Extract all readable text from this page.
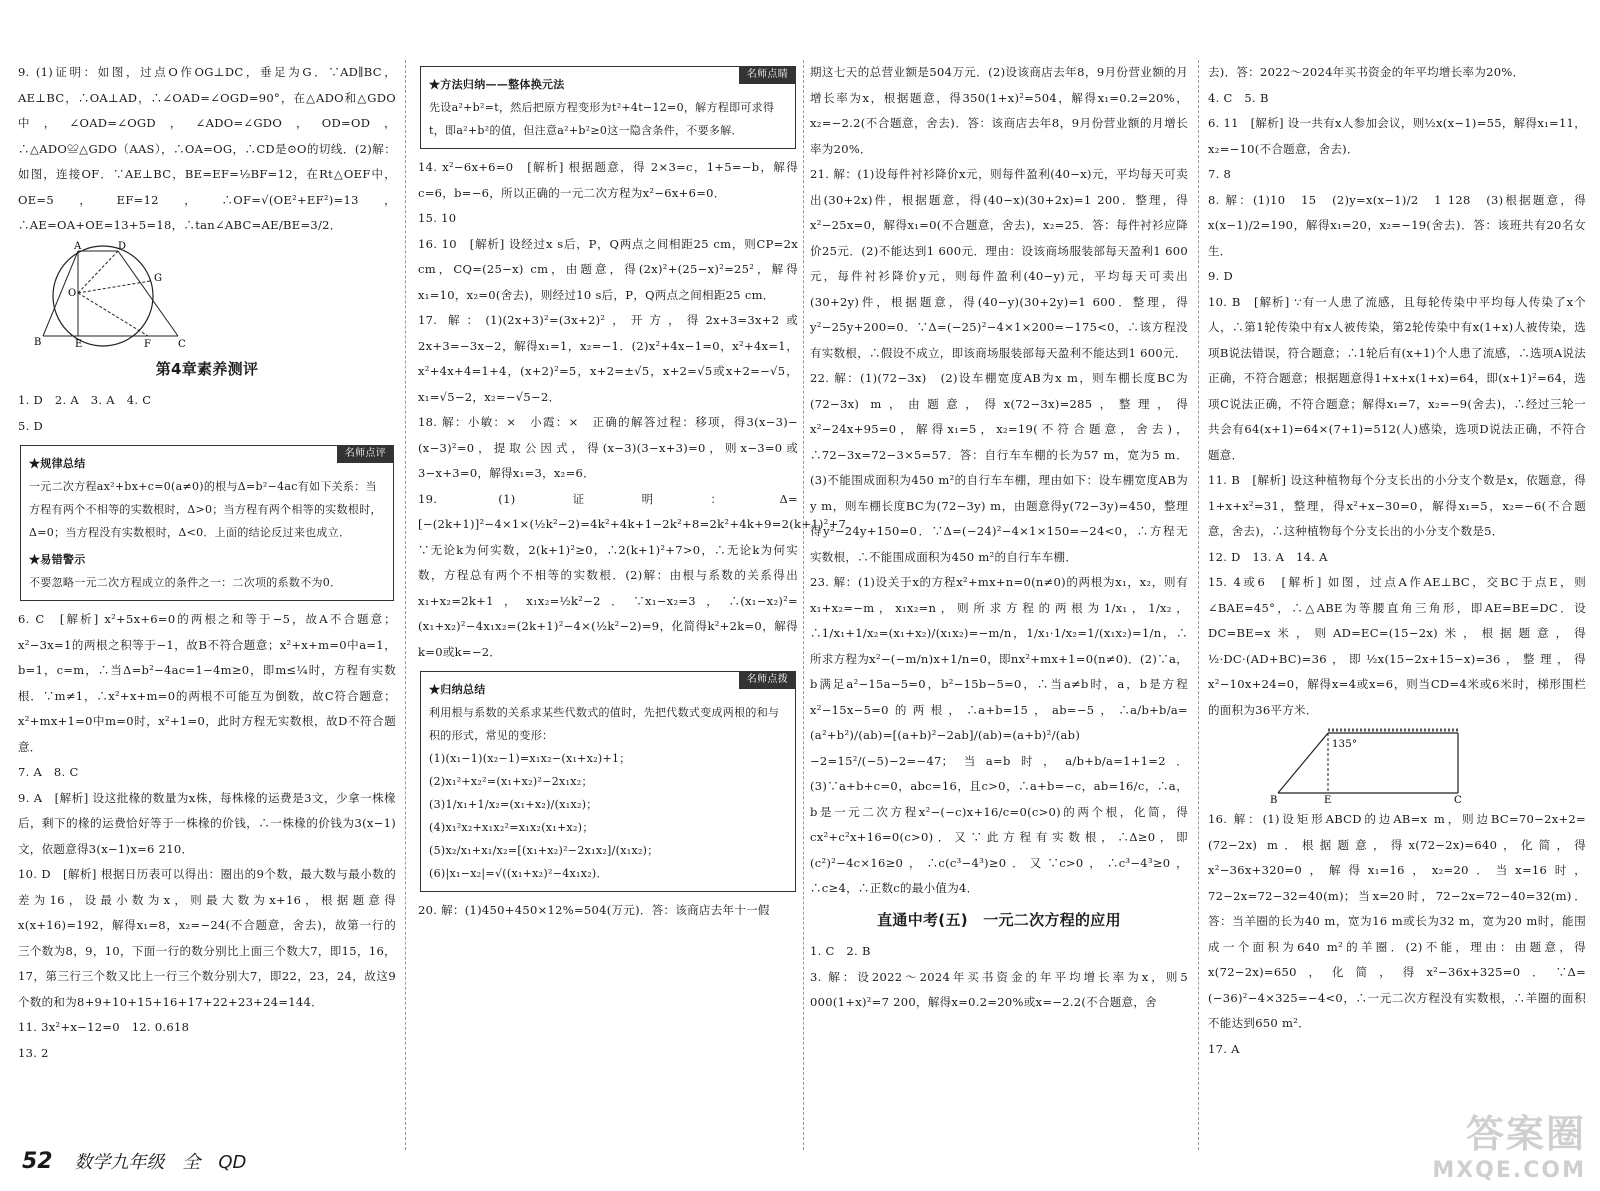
9. (1)证明：如图，过点O作OG⊥DC，垂足为G．∵AD∥BC，AE⊥BC，∴OA⊥AD，∴∠OAD=∠OGD=90°，在△ADO和△GDO中，∠OAD=∠OGD，∠ADO=∠GDO，OD=OD，∴△ADO≌△GDO（AAS），∴OA=OG，∴CD是⊙O的切线．(2)解：如图，连接OF．∵AE⊥BC，BE=EF=½BF=12，在Rt△OEF中，OE=5，EF=12，∴OF=√(OE²+EF²)=13，∴AE=OA+OE=13+5=18，∴tan∠ABC=AE/BE=3/2．

A	D
G
O
B	E	F	C
第4章素养测评

1. D　2. A　3. A　4. C

5. D

名师点评
★规律总结
一元二次方程ax²+bx+c=0(a≠0)的根与Δ=b²−4ac有如下关系：当方程有两个不相等的实数根时，Δ>0；当方程有两个相等的实数根时，Δ=0；当方程没有实数根时，Δ<0．上面的结论反过来也成立．
★易错警示
不要忽略一元二次方程成立的条件之一：二次项的系数不为0．

6. C　[解析] x²+5x+6=0的两根之和等于−5，故A不合题意；x²−3x=1的两根之积等于−1，故B不符合题意；x²+x+m=0中a=1，b=1，c=m，∴当Δ=b²−4ac=1−4m≥0，即m≤¼时，方程有实数根．∵m≠1，∴x²+x+m=0的两根不可能互为倒数，故C符合题意；x²+mx+1=0中m=0时，x²+1=0，此时方程无实数根，故D不符合题意．

7. A　8. C

9. A　[解析] 设这批椽的数量为x株，每株椽的运费是3文，少拿一株椽后，剩下的椽的运费恰好等于一株椽的价钱，∴一株椽的价钱为3(x−1)文，依题意得3(x−1)x=6 210．

10. D　[解析] 根据日历表可以得出：圈出的9个数，最大数与最小数的差为16，设最小数为x，则最大数为x+16，根据题意得x(x+16)=192，解得x₁=8，x₂=−24(不合题意，舍去)，故第一行的三个数为8，9，10，下面一行的数分别比上面三个数大7，即15，16，17，第三行三个数又比上一行三个数分别大7，即22，23，24，故这9个数的和为8+9+10+15+16+17+22+23+24=144．

11. 3x²+x−12=0　12. 0.618

13. 2

名师点睛
★方法归纳——整体换元法
先设a²+b²=t，然后把原方程变形为t²+4t−12=0，解方程即可求得t，即a²+b²的值，但注意a²+b²≥0这一隐含条件，不要多解．

14. x²−6x+6=0　[解析] 根据题意，得 2×3=c，1+5=−b，解得 c=6，b=−6，所以正确的一元二次方程为x²−6x+6=0．

15. 10

16. 10　[解析] 设经过x s后，P，Q两点之间相距25 cm，则CP=2x cm，CQ=(25−x) cm，由题意，得(2x)²+(25−x)²=25²，解得x₁=10，x₂=0(舍去)，则经过10 s后，P，Q两点之间相距25 cm．

17. 解：(1)(2x+3)²=(3x+2)²，开方，得2x+3=3x+2或2x+3=−3x−2，解得x₁=1，x₂=−1．(2)x²+4x−1=0，x²+4x=1，x²+4x+4=1+4，(x+2)²=5，x+2=±√5，x+2=√5或x+2=−√5，x₁=√5−2，x₂=−√5−2．

18. 解：小敏：×　小霞：×　正确的解答过程：移项，得3(x−3)−(x−3)²=0，提取公因式，得(x−3)(3−x+3)=0，则x−3=0或3−x+3=0，解得x₁=3，x₂=6．

19. (1)证明：Δ=[−(2k+1)]²−4×1×(½k²−2)=4k²+4k+1−2k²+8=2k²+4k+9=2(k+1)²+7．∵无论k为何实数，2(k+1)²≥0，∴2(k+1)²+7>0，∴无论k为何实数，方程总有两个不相等的实数根．(2)解：由根与系数的关系得出x₁+x₂=2k+1，x₁x₂=½k²−2．∵x₁−x₂=3，∴(x₁−x₂)²=(x₁+x₂)²−4x₁x₂=(2k+1)²−4×(½k²−2)=9，化简得k²+2k=0，解得k=0或k=−2．

名师点拨
★归纳总结
利用根与系数的关系求某些代数式的值时，先把代数式变成两根的和与积的形式，常见的变形：
(1)(x₁−1)(x₂−1)=x₁x₂−(x₁+x₂)+1；
(2)x₁²+x₂²=(x₁+x₂)²−2x₁x₂；
(3)1/x₁+1/x₂=(x₁+x₂)/(x₁x₂)；
(4)x₁²x₂+x₁x₂²=x₁x₂(x₁+x₂)；
(5)x₂/x₁+x₁/x₂=[(x₁+x₂)²−2x₁x₂]/(x₁x₂)；
(6)|x₁−x₂|=√((x₁+x₂)²−4x₁x₂)．

20. 解：(1)450+450×12%=504(万元)．答：该商店去年十一假

期这七天的总营业额是504万元．(2)设该商店去年8，9月份营业额的月增长率为x，根据题意，得350(1+x)²=504，解得x₁=0.2=20%，x₂=−2.2(不合题意，舍去)．答：该商店去年8，9月份营业额的月增长率为20%．

21. 解：(1)设每件衬衫降价x元，则每件盈利(40−x)元，平均每天可卖出(30+2x)件，根据题意，得(40−x)(30+2x)=1 200．整理，得x²−25x=0，解得x₁=0(不合题意，舍去)，x₂=25．答：每件衬衫应降价25元．(2)不能达到1 600元．理由：设该商场服装部每天盈利1 600元，每件衬衫降价y元，则每件盈利(40−y)元，平均每天可卖出(30+2y)件，根据题意，得(40−y)(30+2y)=1 600．整理，得y²−25y+200=0．∵Δ=(−25)²−4×1×200=−175<0，∴该方程没有实数根，∴假设不成立，即该商场服装部每天盈利不能达到1 600元．

22. 解：(1)(72−3x)　(2)设车棚宽度AB为x m，则车棚长度BC为(72−3x) m，由题意，得x(72−3x)=285，整理，得x²−24x+95=0，解得x₁=5，x₂=19(不符合题意，舍去)，∴72−3x=72−3×5=57．答：自行车车棚的长为57 m，宽为5 m．(3)不能围成面积为450 m²的自行车车棚，理由如下：设车棚宽度AB为y m，则车棚长度BC为(72−3y) m，由题意得y(72−3y)=450，整理得y²−24y+150=0．∵Δ=(−24)²−4×1×150=−24<0，∴方程无实数根，∴不能围成面积为450 m²的自行车车棚．

23. 解：(1)设关于x的方程x²+mx+n=0(n≠0)的两根为x₁，x₂，则有x₁+x₂=−m，x₁x₂=n，则所求方程的两根为1/x₁，1/x₂，∴1/x₁+1/x₂=(x₁+x₂)/(x₁x₂)=−m/n，1/x₁·1/x₂=1/(x₁x₂)=1/n，∴所求方程为x²−(−m/n)x+1/n=0，即nx²+mx+1=0(n≠0)．(2)∵a，b满足a²−15a−5=0，b²−15b−5=0，∴当a≠b时，a，b是方程x²−15x−5=0的两根，∴a+b=15，ab=−5，∴a/b+b/a=(a²+b²)/(ab)=[(a+b)²−2ab]/(ab)=(a+b)²/(ab)−2=15²/(−5)−2=−47；当a=b时，a/b+b/a=1+1=2．(3)∵a+b+c=0，abc=16，且c>0，∴a+b=−c，ab=16/c，∴a，b是一元二次方程x²−(−c)x+16/c=0(c>0)的两个根，化简，得cx²+c²x+16=0(c>0)．又∵此方程有实数根，∴Δ≥0，即(c²)²−4c×16≥0，∴c(c³−4³)≥0．又∵c>0，∴c³−4³≥0，∴c≥4，∴正数c的最小值为4．

直通中考(五)　一元二次方程的应用

1. C　2. B

3. 解：设2022～2024年买书资金的年平均增长率为x，则5 000(1+x)²=7 200，解得x=0.2=20%或x=−2.2(不合题意，舍

去)．答：2022～2024年买书资金的年平均增长率为20%．

4. C　5. B

6. 11　[解析] 设一共有x人参加会议，则½x(x−1)=55，解得x₁=11，x₂=−10(不合题意，舍去)．

7. 8

8. 解：(1)10　15　(2)y=x(x−1)/2　1 128　(3)根据题意，得x(x−1)/2=190，解得x₁=20，x₂=−19(舍去)．答：该班共有20名女生．

9. D

10. B　[解析] ∵有一人患了流感，且每轮传染中平均每人传染了x个人，∴第1轮传染中有x人被传染，第2轮传染中有x(1+x)人被传染，选项B说法错误，符合题意；∴1轮后有(x+1)个人患了流感，∴选项A说法正确，不符合题意；根据题意得1+x+x(1+x)=64，即(x+1)²=64，选项C说法正确，不符合题意；解得x₁=7，x₂=−9(舍去)，∴经过三轮一共会有64(x+1)=64×(7+1)=512(人)感染，选项D说法正确，不符合题意．

11. B　[解析] 设这种植物每个分支长出的小分支个数是x，依题意，得1+x+x²=31，整理，得x²+x−30=0，解得x₁=5，x₂=−6(不合题意，舍去)，∴这种植物每个分支长出的小分支个数是5．

12. D　13. A　14. A

15. 4或6　[解析] 如图，过点A作AE⊥BC，交BC于点E，则∠BAE=45°，∴△ABE为等腰直角三角形，即AE=BE=DC．设DC=BE=x米，则AD=EC=(15−2x)米，根据题意，得½·DC·(AD+BC)=36，即½x(15−2x+15−x)=36，整理，得x²−10x+24=0，解得x=4或x=6，则当CD=4米或6米时，梯形围栏的面积为36平方米．

135°
B	E	C

16. 解：(1)设矩形ABCD的边AB=x m，则边BC=70−2x+2=(72−2x) m．根据题意，得x(72−2x)=640，化简，得x²−36x+320=0，解得x₁=16，x₂=20．当x=16时，72−2x=72−32=40(m)；当x=20时，72−2x=72−40=32(m)．答：当羊圈的长为40 m，宽为16 m或长为32 m，宽为20 m时，能围成一个面积为640 m²的羊圈．(2)不能，理由：由题意，得x(72−2x)=650，化简，得x²−36x+325=0．∵Δ=(−36)²−4×325=−4<0，∴一元二次方程没有实数根，∴羊圈的面积不能达到650 m²．

17. A

52 数学九年级　全　QD
答案圈
MXQE.COM
